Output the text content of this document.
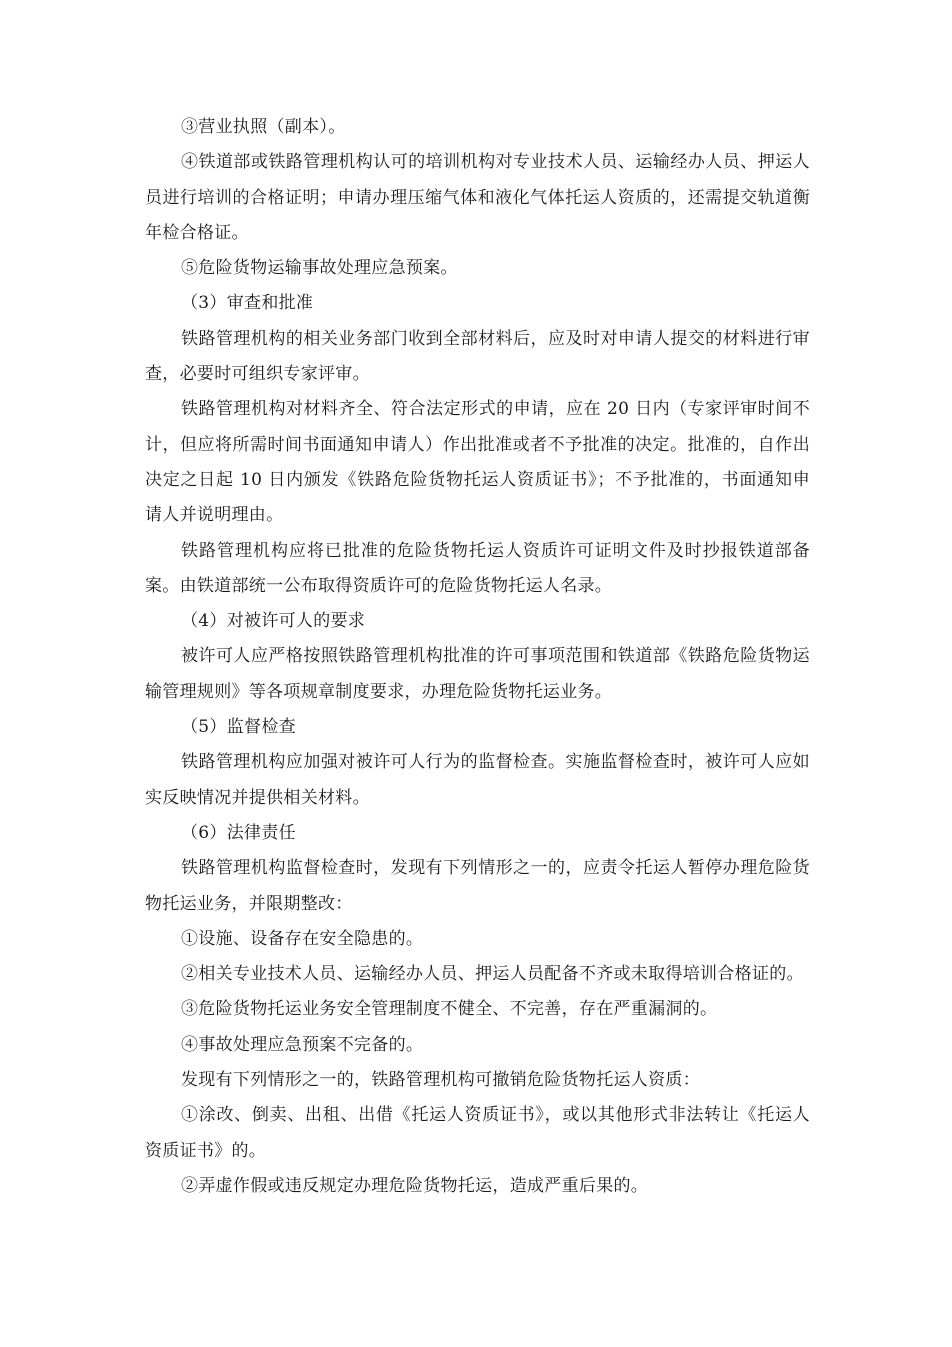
③营业执照（副本）。

④铁道部或铁路管理机构认可的培训机构对专业技术人员、运输经办人员、押运人员进行培训的合格证明；申请办理压缩气体和液化气体托运人资质的，还需提交轨道衡年检合格证。

⑤危险货物运输事故处理应急预案。

（3）审查和批准

铁路管理机构的相关业务部门收到全部材料后，应及时对申请人提交的材料进行审查，必要时可组织专家评审。

铁路管理机构对材料齐全、符合法定形式的申请，应在 20 日内（专家评审时间不计，但应将所需时间书面通知申请人）作出批准或者不予批准的决定。批准的，自作出决定之日起 10 日内颁发《铁路危险货物托运人资质证书》；不予批准的，书面通知申请人并说明理由。

铁路管理机构应将已批准的危险货物托运人资质许可证明文件及时抄报铁道部备案。由铁道部统一公布取得资质许可的危险货物托运人名录。

（4）对被许可人的要求

被许可人应严格按照铁路管理机构批准的许可事项范围和铁道部《铁路危险货物运输管理规则》等各项规章制度要求，办理危险货物托运业务。

（5）监督检查

铁路管理机构应加强对被许可人行为的监督检查。实施监督检查时，被许可人应如实反映情况并提供相关材料。

（6）法律责任

铁路管理机构监督检查时，发现有下列情形之一的，应责令托运人暂停办理危险货物托运业务，并限期整改：

①设施、设备存在安全隐患的。

②相关专业技术人员、运输经办人员、押运人员配备不齐或未取得培训合格证的。

③危险货物托运业务安全管理制度不健全、不完善，存在严重漏洞的。

④事故处理应急预案不完备的。

发现有下列情形之一的，铁路管理机构可撤销危险货物托运人资质：

①涂改、倒卖、出租、出借《托运人资质证书》，或以其他形式非法转让《托运人资质证书》的。

②弄虚作假或违反规定办理危险货物托运，造成严重后果的。
